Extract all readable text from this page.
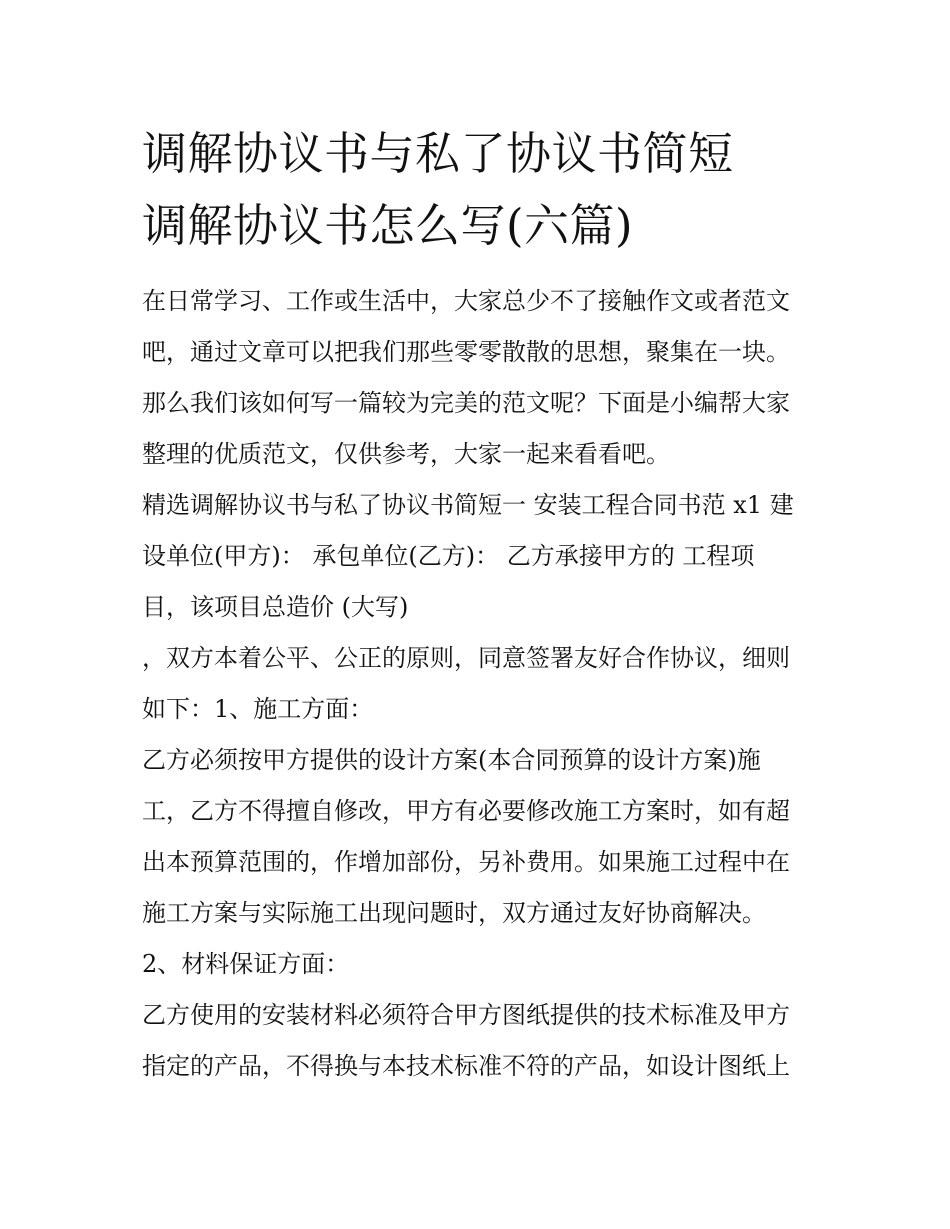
调解协议书与私了协议书简短
调解协议书怎么写(六篇)

在日常学习、工作或生活中，大家总少不了接触作文或者范文

吧，通过文章可以把我们那些零零散散的思想，聚集在一块。

那么我们该如何写一篇较为完美的范文呢？下面是小编帮大家

整理的优质范文，仅供参考，大家一起来看看吧。

精选调解协议书与私了协议书简短一 安装工程合同书范 x1 建

设单位(甲方)： 承包单位(乙方)： 乙方承接甲方的 工程项

目，该项目总造价 (大写)

，双方本着公平、公正的原则，同意签署友好合作协议，细则

如下：1、施工方面：

乙方必须按甲方提供的设计方案(本合同预算的设计方案)施

工，乙方不得擅自修改，甲方有必要修改施工方案时，如有超

出本预算范围的，作增加部份，另补费用。如果施工过程中在

施工方案与实际施工出现问题时，双方通过友好协商解决。

2、材料保证方面：

乙方使用的安装材料必须符合甲方图纸提供的技术标准及甲方

指定的产品，不得换与本技术标准不符的产品，如设计图纸上
